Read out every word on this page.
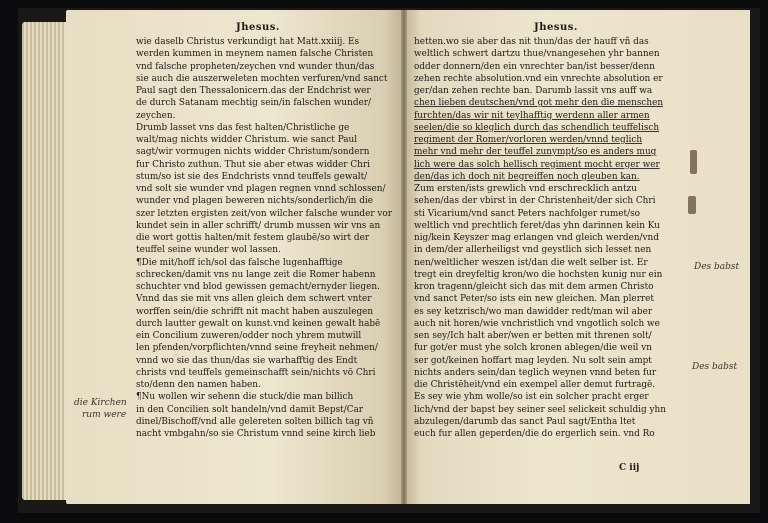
Jhesus.
wie daselb Christus verkundigt hat Matt.xxiiij. Es
werden kummen in meynem namen falsche Christen
vnd falsche propheten/zeychen vnd wunder thun/das
sie auch die auszerweleten mochten verfuren/vnd sanct
Paul sagt den Thessalonicern.das der Endchrist wer
de durch Satanam mechtig sein/in falschen wunder/
zeychen.
Drumb lasset vns das fest halten/Christliche ge
walt/mag nichts widder Christum. wie sanct Paul
sagt/wir vormugen nichts widder Christum/sondern
fur Christo zuthun. Thut sie aber etwas widder Chri
stum/so ist sie des Endchrists vnnd teuffels gewalt/
vnd solt sie wunder vnd plagen regnen vnnd schlossen/
wunder vnd plagen beweren nichts/sonderlich/in die
szer letzten ergisten zeit/von wilcher falsche wunder vor
kundet sein in aller schrifft/ drumb mussen wir vns an
die wort gottis halten/mit festem glaubē/so wirt der
teuffel seine wunder wol lassen.
¶Die mit/hoff ich/sol das falsche lugenhafftige
schrecken/damit vns nu lange zeit die Romer habenn
schuchter vnd blod gewissen gemacht/ernyder liegen.
Vnnd das sie mit vns allen gleich dem schwert vnter
worffen sein/die schrifft nit macht haben auszulegen
durch lautter gewalt on kunst.vnd keinen gewalt habē
ein Concilium zuweren/odder noch yhrem mutwill
len pfenden/vorpflichten/vnnd seine freyheit nehmen/
vnnd wo sie das thun/das sie warhafftig des Endt
christs vnd teuffels gemeinschafft sein/nichts vō Chri
sto/denn den namen haben.
¶Nu wollen wir sehenn die stuck/die man billich
in den Concilien solt handeln/vnd damit Bepst/Car
dinel/Bischoff/vnd alle gelereten solten billich tag vñ
nacht vmbgahn/so sie Christum vnnd seine kirch lieb
Jhesus.
hetten.wo sie aber das nit thun/das der hauff vñ das
weltlich schwert dartzu thue/vnangesehen yhr bannen
odder donnern/den ein vnrechter ban/ist besser/denn
zehen rechte absolution.vnd ein vnrechte absolution er
ger/dan zehen rechte ban. Darumb lassit vns auff wa
chen lieben deutschen/vnd got mehr den die menschen
furchten/das wir nit teylhafftig werdenn aller armen
seelen/die so kleglich durch das schendlich teuffelisch
regiment der Romer/vorloren werden/vnnd teglich
mehr vnd mehr der teuffel zunympt/so es anders mug
lich were das solch hellisch regiment mocht erger wer
den/das ich doch nit begreiffen noch gleuben kan.
Zum ersten/ists grewlich vnd erschrecklich antzu
sehen/das der vbirst in der Christenheit/der sich Chri
sti Vicarium/vnd sanct Peters nachfolger rumet/so
weltlich vnd prechtlich feret/das yhn darinnen kein Ku
nig/kein Keyszer mag erlangen vnd gleich werden/vnd
in dem/der allerheiligst vnd geystlich sich lesset nen
nen/weltlicher weszen ist/dan die welt selber ist. Er
tregt ein dreyfeltig kron/wo die hochsten kunig nur ein
kron tragenn/gleicht sich das mit dem armen Christo
vnd sanct Peter/so ists ein new gleichen. Man plerret
es sey ketzrisch/wo man dawidder redt/man wil aber
auch nit horen/wie vnchristlich vnd vngotlich solch we
sen sey/Ich halt aber/wen er betten mit threnen solt/
fur got/er must yhe solch kronen ablegen/die weil vn
ser got/keinen hoffart mag leyden. Nu solt sein ampt
nichts anders sein/dan teglich weynen vnnd beten fur
die Christēheit/vnd ein exempel aller demut furtragē.
Es sey wie yhm wolle/so ist ein solcher pracht erger
lich/vnd der bapst bey seiner seel selickeit schuldig yhn
abzulegen/darumb das sanct Paul sagt/Entha ltet
euch fur allen geperden/die do ergerlich sein. vnd Ro
C iij
die Kirchen
rum were
Des babst
Des babst
